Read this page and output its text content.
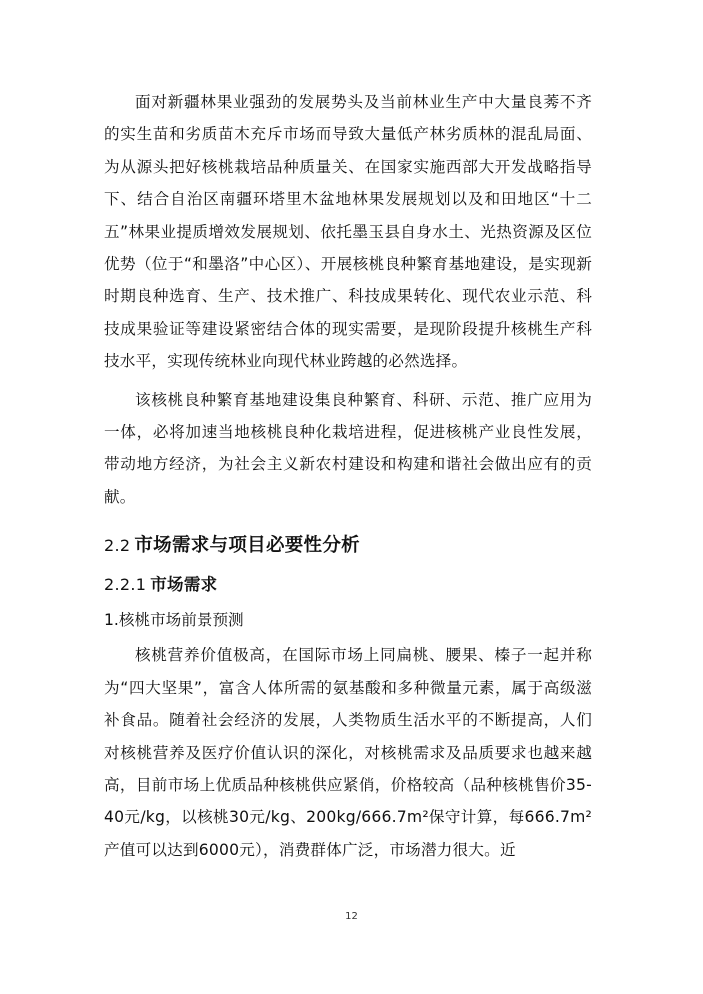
面对新疆林果业强劲的发展势头及当前林业生产中大量良莠不齐的实生苗和劣质苗木充斥市场而导致大量低产林劣质林的混乱局面、为从源头把好核桃栽培品种质量关、在国家实施西部大开发战略指导下、结合自治区南疆环塔里木盆地林果发展规划以及和田地区“十二五”林果业提质增效发展规划、依托墨玉县自身水土、光热资源及区位优势（位于“和墨洛”中心区）、开展核桃良种繁育基地建设，是实现新时期良种选育、生产、技术推广、科技成果转化、现代农业示范、科技成果验证等建设紧密结合体的现实需要，是现阶段提升核桃生产科技水平，实现传统林业向现代林业跨越的必然选择。

该核桃良种繁育基地建设集良种繁育、科研、示范、推广应用为一体，必将加速当地核桃良种化栽培进程，促进核桃产业良性发展，带动地方经济，为社会主义新农村建设和构建和谐社会做出应有的贡献。

2.2 市场需求与项目必要性分析
2.2.1 市场需求
1.核桃市场前景预测

核桃营养价值极高，在国际市场上同扁桃、腰果、榛子一起并称为“四大坚果”，富含人体所需的氨基酸和多种微量元素，属于高级滋补食品。随着社会经济的发展，人类物质生活水平的不断提高，人们对核桃营养及医疗价值认识的深化，对核桃需求及品质要求也越来越高，目前市场上优质品种核桃供应紧俏，价格较高（品种核桃售价35-40元/kg，以核桃30元/kg、200kg/666.7m²保守计算，每666.7m²产值可以达到6000元），消费群体广泛，市场潜力很大。近

12
